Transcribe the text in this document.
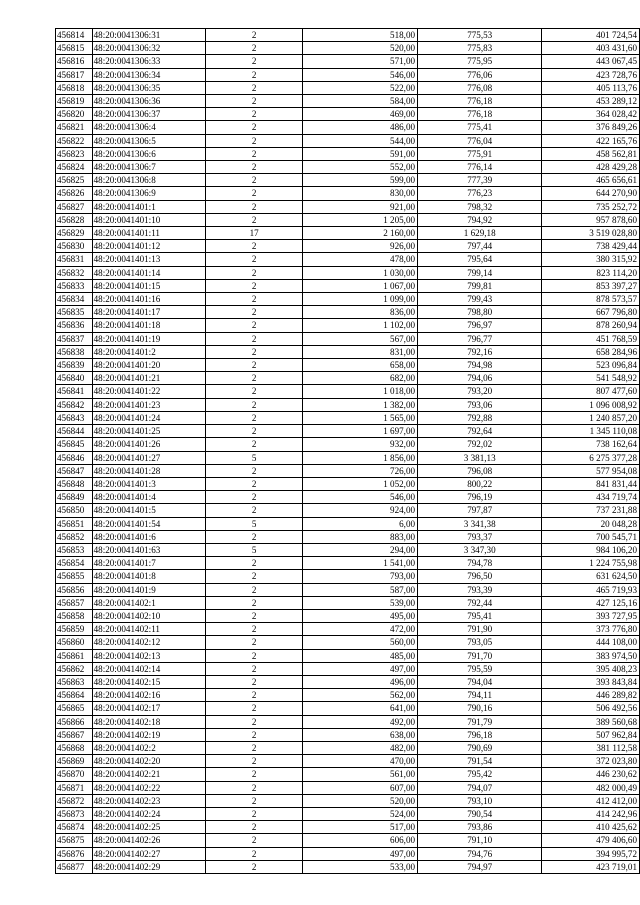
456814	48:20:0041306:31	2	518,00	775,53	401 724,54
456815	48:20:0041306:32	2	520,00	775,83	403 431,60
456816	48:20:0041306:33	2	571,00	775,95	443 067,45
456817	48:20:0041306:34	2	546,00	776,06	423 728,76
456818	48:20:0041306:35	2	522,00	776,08	405 113,76
456819	48:20:0041306:36	2	584,00	776,18	453 289,12
456820	48:20:0041306:37	2	469,00	776,18	364 028,42
456821	48:20:0041306:4	2	486,00	775,41	376 849,26
456822	48:20:0041306:5	2	544,00	776,04	422 165,76
456823	48:20:0041306:6	2	591,00	775,91	458 562,81
456824	48:20:0041306:7	2	552,00	776,14	428 429,28
456825	48:20:0041306:8	2	599,00	777,39	465 656,61
456826	48:20:0041306:9	2	830,00	776,23	644 270,90
456827	48:20:0041401:1	2	921,00	798,32	735 252,72
456828	48:20:0041401:10	2	1 205,00	794,92	957 878,60
456829	48:20:0041401:11	17	2 160,00	1 629,18	3 519 028,80
456830	48:20:0041401:12	2	926,00	797,44	738 429,44
456831	48:20:0041401:13	2	478,00	795,64	380 315,92
456832	48:20:0041401:14	2	1 030,00	799,14	823 114,20
456833	48:20:0041401:15	2	1 067,00	799,81	853 397,27
456834	48:20:0041401:16	2	1 099,00	799,43	878 573,57
456835	48:20:0041401:17	2	836,00	798,80	667 796,80
456836	48:20:0041401:18	2	1 102,00	796,97	878 260,94
456837	48:20:0041401:19	2	567,00	796,77	451 768,59
456838	48:20:0041401:2	2	831,00	792,16	658 284,96
456839	48:20:0041401:20	2	658,00	794,98	523 096,84
456840	48:20:0041401:21	2	682,00	794,06	541 548,92
456841	48:20:0041401:22	2	1 018,00	793,20	807 477,60
456842	48:20:0041401:23	2	1 382,00	793,06	1 096 008,92
456843	48:20:0041401:24	2	1 565,00	792,88	1 240 857,20
456844	48:20:0041401:25	2	1 697,00	792,64	1 345 110,08
456845	48:20:0041401:26	2	932,00	792,02	738 162,64
456846	48:20:0041401:27	5	1 856,00	3 381,13	6 275 377,28
456847	48:20:0041401:28	2	726,00	796,08	577 954,08
456848	48:20:0041401:3	2	1 052,00	800,22	841 831,44
456849	48:20:0041401:4	2	546,00	796,19	434 719,74
456850	48:20:0041401:5	2	924,00	797,87	737 231,88
456851	48:20:0041401:54	5	6,00	3 341,38	20 048,28
456852	48:20:0041401:6	2	883,00	793,37	700 545,71
456853	48:20:0041401:63	5	294,00	3 347,30	984 106,20
456854	48:20:0041401:7	2	1 541,00	794,78	1 224 755,98
456855	48:20:0041401:8	2	793,00	796,50	631 624,50
456856	48:20:0041401:9	2	587,00	793,39	465 719,93
456857	48:20:0041402:1	2	539,00	792,44	427 125,16
456858	48:20:0041402:10	2	495,00	795,41	393 727,95
456859	48:20:0041402:11	2	472,00	791,90	373 776,80
456860	48:20:0041402:12	2	560,00	793,05	444 108,00
456861	48:20:0041402:13	2	485,00	791,70	383 974,50
456862	48:20:0041402:14	2	497,00	795,59	395 408,23
456863	48:20:0041402:15	2	496,00	794,04	393 843,84
456864	48:20:0041402:16	2	562,00	794,11	446 289,82
456865	48:20:0041402:17	2	641,00	790,16	506 492,56
456866	48:20:0041402:18	2	492,00	791,79	389 560,68
456867	48:20:0041402:19	2	638,00	796,18	507 962,84
456868	48:20:0041402:2	2	482,00	790,69	381 112,58
456869	48:20:0041402:20	2	470,00	791,54	372 023,80
456870	48:20:0041402:21	2	561,00	795,42	446 230,62
456871	48:20:0041402:22	2	607,00	794,07	482 000,49
456872	48:20:0041402:23	2	520,00	793,10	412 412,00
456873	48:20:0041402:24	2	524,00	790,54	414 242,96
456874	48:20:0041402:25	2	517,00	793,86	410 425,62
456875	48:20:0041402:26	2	606,00	791,10	479 406,60
456876	48:20:0041402:27	2	497,00	794,76	394 995,72
456877	48:20:0041402:29	2	533,00	794,97	423 719,01
